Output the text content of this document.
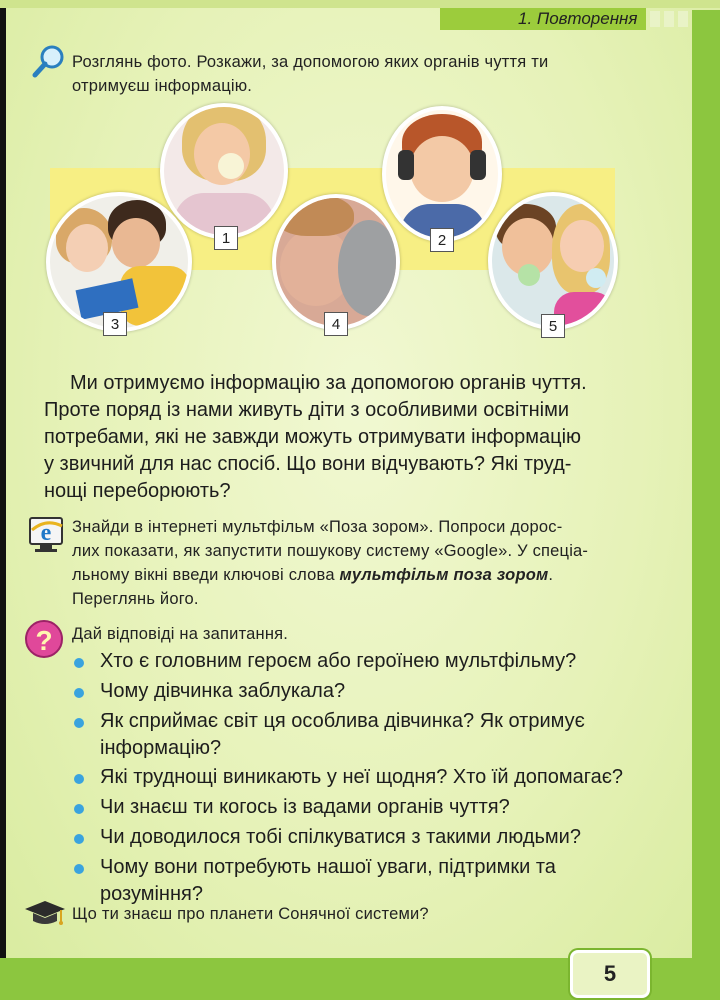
1. Повторення
Розглянь фото. Розкажи, за допомогою яких органів чуття ти
отримуєш інформацію.
1	2
3	4	5
Ми отримуємо інформацію за допомогою органів чуття.
Проте поряд із нами живуть діти з особливими освітніми
потребами, які не завжди можуть отримувати інформацію
у звичний для нас спосіб. Що вони відчувають? Які труд-
нощі переборюють?
e Знайди в інтернеті мультфільм «Поза зором». Попроси дорос-
лих показати, як запустити пошукову систему «Google». У спеціа-
льному вікні введи ключові слова мультфільм поза зором.
Переглянь його.
? Дай відповіді на запитання.
Хто є головним героєм або героїнею мультфільму?
Чому дівчинка заблукала?
Як сприймає світ ця особлива дівчинка? Як отримує
інформацію?
Які труднощі виникають у неї щодня? Хто їй допомагає?
Чи знаєш ти когось із вадами органів чуття?
Чи доводилося тобі спілкуватися з такими людьми?
Чому вони потребують нашої уваги, підтримки та
розуміння?
Що ти знаєш про планети Сонячної системи?
5
